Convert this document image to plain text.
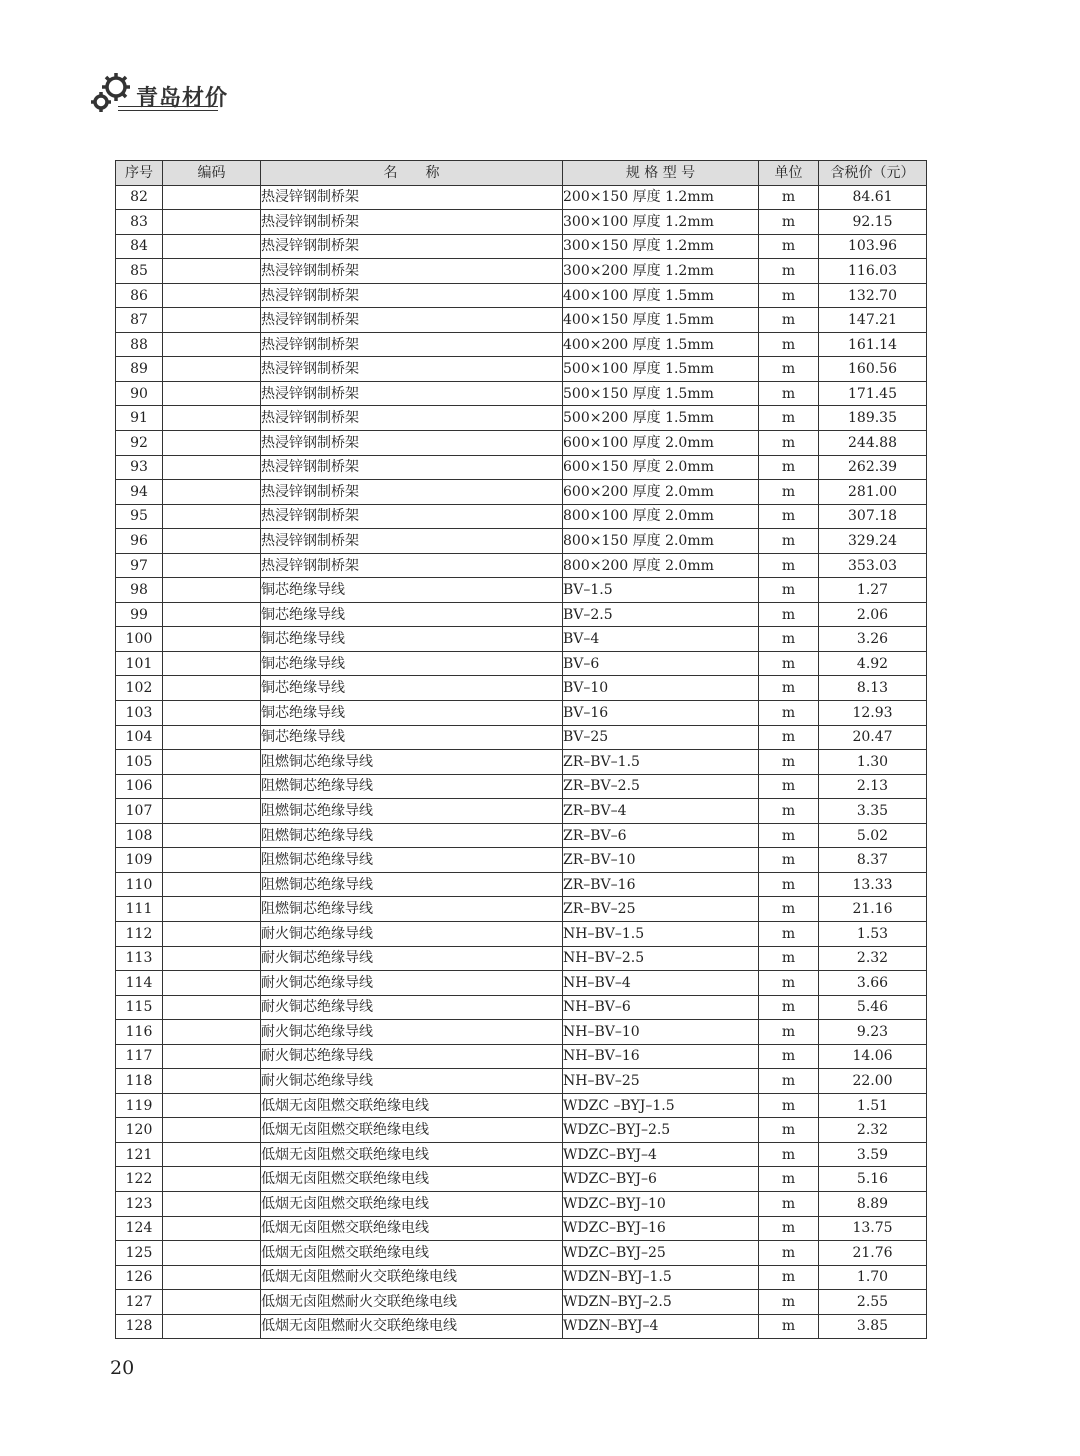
青岛材价
序号	编码	名　　称	规 格 型 号	单位	含税价（元）
82		热浸锌钢制桥架	200×150 厚度 1.2mm	m	84.61
83		热浸锌钢制桥架	300×100 厚度 1.2mm	m	92.15
84		热浸锌钢制桥架	300×150 厚度 1.2mm	m	103.96
85		热浸锌钢制桥架	300×200 厚度 1.2mm	m	116.03
86		热浸锌钢制桥架	400×100 厚度 1.5mm	m	132.70
87		热浸锌钢制桥架	400×150 厚度 1.5mm	m	147.21
88		热浸锌钢制桥架	400×200 厚度 1.5mm	m	161.14
89		热浸锌钢制桥架	500×100 厚度 1.5mm	m	160.56
90		热浸锌钢制桥架	500×150 厚度 1.5mm	m	171.45
91		热浸锌钢制桥架	500×200 厚度 1.5mm	m	189.35
92		热浸锌钢制桥架	600×100 厚度 2.0mm	m	244.88
93		热浸锌钢制桥架	600×150 厚度 2.0mm	m	262.39
94		热浸锌钢制桥架	600×200 厚度 2.0mm	m	281.00
95		热浸锌钢制桥架	800×100 厚度 2.0mm	m	307.18
96		热浸锌钢制桥架	800×150 厚度 2.0mm	m	329.24
97		热浸锌钢制桥架	800×200 厚度 2.0mm	m	353.03
98		铜芯绝缘导线	BV–1.5	m	1.27
99		铜芯绝缘导线	BV–2.5	m	2.06
100		铜芯绝缘导线	BV–4	m	3.26
101		铜芯绝缘导线	BV–6	m	4.92
102		铜芯绝缘导线	BV–10	m	8.13
103		铜芯绝缘导线	BV–16	m	12.93
104		铜芯绝缘导线	BV–25	m	20.47
105		阻燃铜芯绝缘导线	ZR–BV–1.5	m	1.30
106		阻燃铜芯绝缘导线	ZR–BV–2.5	m	2.13
107		阻燃铜芯绝缘导线	ZR–BV–4	m	3.35
108		阻燃铜芯绝缘导线	ZR–BV–6	m	5.02
109		阻燃铜芯绝缘导线	ZR–BV–10	m	8.37
110		阻燃铜芯绝缘导线	ZR–BV–16	m	13.33
111		阻燃铜芯绝缘导线	ZR–BV–25	m	21.16
112		耐火铜芯绝缘导线	NH–BV–1.5	m	1.53
113		耐火铜芯绝缘导线	NH–BV–2.5	m	2.32
114		耐火铜芯绝缘导线	NH–BV–4	m	3.66
115		耐火铜芯绝缘导线	NH–BV–6	m	5.46
116		耐火铜芯绝缘导线	NH–BV–10	m	9.23
117		耐火铜芯绝缘导线	NH–BV–16	m	14.06
118		耐火铜芯绝缘导线	NH–BV–25	m	22.00
119		低烟无卤阻燃交联绝缘电线	WDZC –BYJ–1.5	m	1.51
120		低烟无卤阻燃交联绝缘电线	WDZC–BYJ–2.5	m	2.32
121		低烟无卤阻燃交联绝缘电线	WDZC–BYJ–4	m	3.59
122		低烟无卤阻燃交联绝缘电线	WDZC–BYJ–6	m	5.16
123		低烟无卤阻燃交联绝缘电线	WDZC–BYJ–10	m	8.89
124		低烟无卤阻燃交联绝缘电线	WDZC–BYJ–16	m	13.75
125		低烟无卤阻燃交联绝缘电线	WDZC–BYJ–25	m	21.76
126		低烟无卤阻燃耐火交联绝缘电线	WDZN–BYJ–1.5	m	1.70
127		低烟无卤阻燃耐火交联绝缘电线	WDZN–BYJ–2.5	m	2.55
128		低烟无卤阻燃耐火交联绝缘电线	WDZN–BYJ–4	m	3.85
20
